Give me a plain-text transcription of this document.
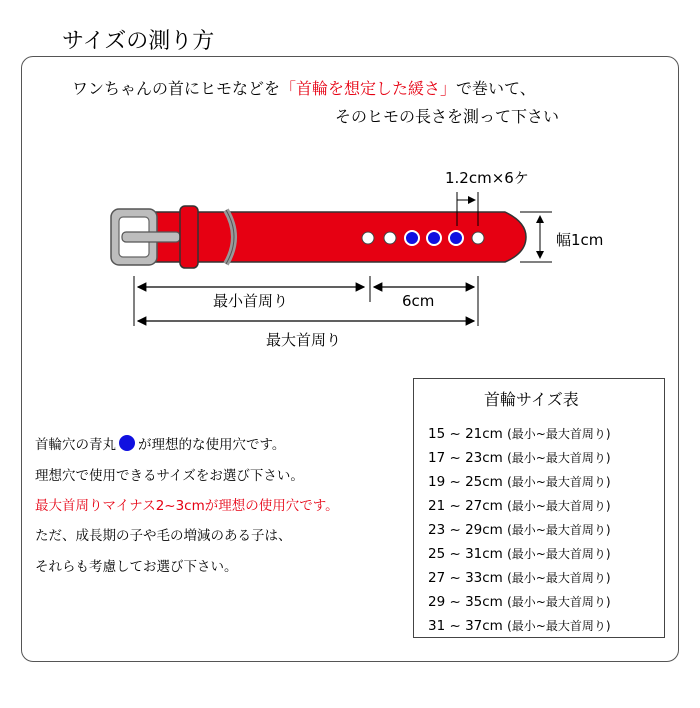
サイズの測り方
ワンちゃんの首にヒモなどを「首輪を想定した緩さ」で巻いて、
そのヒモの長さを測って下さい
1.2cm×6ケ
幅1cm
最小首周り	6cm
最大首周り
首輪穴の青丸 が理想的な使用穴です。
理想穴で使用できるサイズをお選び下さい。
最大首周りマイナス2~3cmが理想の使用穴です。
ただ、成長期の子や毛の増減のある子は、
それらも考慮してお選び下さい。
首輪サイズ表
15 ~ 21cm (最小~最大首周り)
17 ~ 23cm (最小~最大首周り)
19 ~ 25cm (最小~最大首周り)
21 ~ 27cm (最小~最大首周り)
23 ~ 29cm (最小~最大首周り)
25 ~ 31cm (最小~最大首周り)
27 ~ 33cm (最小~最大首周り)
29 ~ 35cm (最小~最大首周り)
31 ~ 37cm (最小~最大首周り)
